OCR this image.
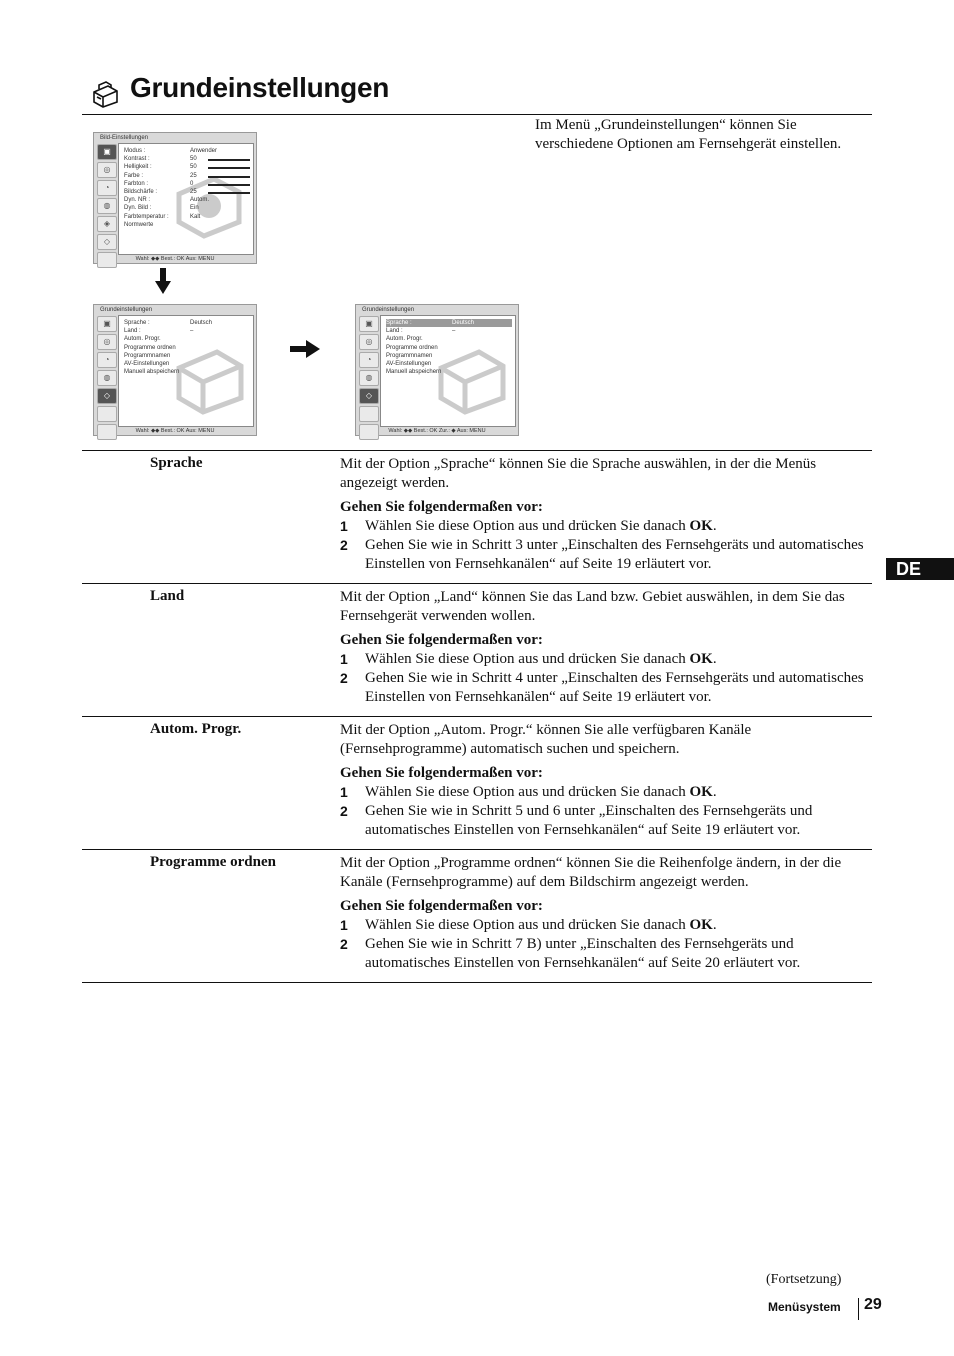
Grundeinstellungen
Im Menü „Grundeinstellungen“ können Sie verschiedene Optionen am Fernsehgerät einstellen.
Bild-Einstellungen
▣
◎
◔
◍
◈
◇
Modus :	Anwender
Kontrast :	50
Helligkeit :	50
Farbe :	25
Farbton :	0
Bildschärfe :	25
Dyn. NR :	Autom.
Dyn. Bild :	Ein
Farbtemperatur :	Kalt
Normwerte
Wahl: ◆◆ Best.: OK Aus: MENU
Grundeinstellungen
▣
◎
◔
◍
◇
Sprache :	Deutsch
Land :	–
Autom. Progr.
Programme ordnen
Programmnamen
AV-Einstellungen
Manuell abspeichern
Wahl: ◆◆ Best.: OK Aus: MENU
Grundeinstellungen
▣
◎
◔
◍
◇
Sprache :	Deutsch
Land :	–
Autom. Progr.
Programme ordnen
Programmnamen
AV-Einstellungen
Manuell abspeichern
Wahl: ◆◆ Best.: OK Zur.: ◆ Aus: MENU
Sprache	Mit der Option „Sprache“ können Sie die Sprache auswählen, in der die Menüs angezeigt werden.

Gehen Sie folgendermaßen vor:

1 Wählen Sie diese Option aus und drücken Sie danach OK.
2 Gehen Sie wie in Schritt 3 unter „Einschalten des Fernsehgeräts und automatisches Einstellen von Fernsehkanälen“ auf Seite 19 erläutert vor.
Land	Mit der Option „Land“ können Sie das Land bzw. Gebiet auswählen, in dem Sie das Fernsehgerät verwenden wollen.

Gehen Sie folgendermaßen vor:

1 Wählen Sie diese Option aus und drücken Sie danach OK.
2 Gehen Sie wie in Schritt 4 unter „Einschalten des Fernsehgeräts und automatisches Einstellen von Fernsehkanälen“ auf Seite 19 erläutert vor.
Autom. Progr.	Mit der Option „Autom. Progr.“ können Sie alle verfügbaren Kanäle (Fernsehprogramme) automatisch suchen und speichern.

Gehen Sie folgendermaßen vor:

1 Wählen Sie diese Option aus und drücken Sie danach OK.
2 Gehen Sie wie in Schritt 5 und 6 unter „Einschalten des Fernsehgeräts und automatisches Einstellen von Fernsehkanälen“ auf Seite 19 erläutert vor.
Programme ordnen	Mit der Option „Programme ordnen“ können Sie die Reihenfolge ändern, in der die Kanäle (Fernsehprogramme) auf dem Bildschirm angezeigt werden.

Gehen Sie folgendermaßen vor:

1 Wählen Sie diese Option aus und drücken Sie danach OK.
2 Gehen Sie wie in Schritt 7 B) unter „Einschalten des Fernsehgeräts und automatisches Einstellen von Fernsehkanälen“ auf Seite 20 erläutert vor.
DE
(Fortsetzung)
Menüsystem 29
